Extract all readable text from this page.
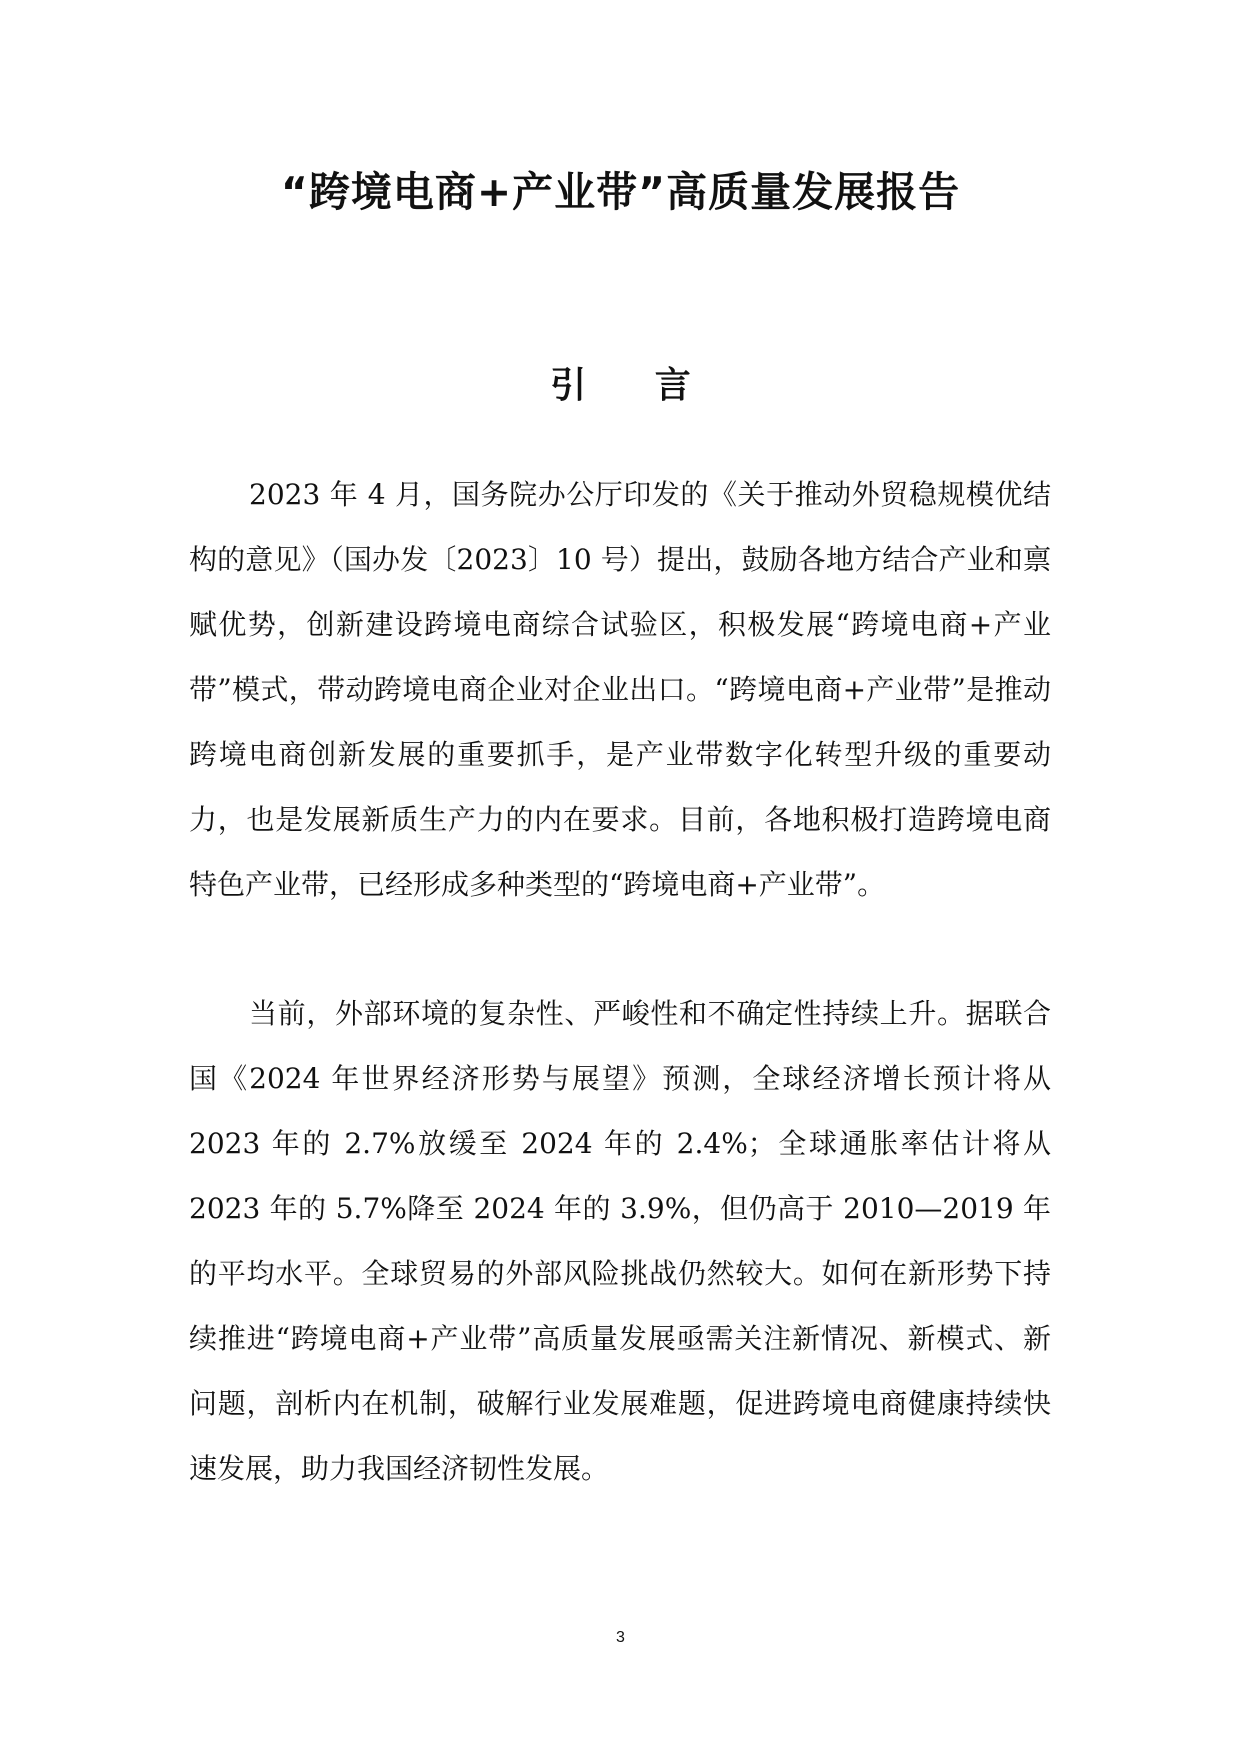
“跨境电商+产业带”高质量发展报告
引 言

2023 年 4 月，国务院办公厅印发的《关于推动外贸稳规模优结构的意见》（国办发〔2023〕10 号）提出，鼓励各地方结合产业和禀赋优势，创新建设跨境电商综合试验区，积极发展“跨境电商+产业带”模式，带动跨境电商企业对企业出口。“跨境电商+产业带”是推动跨境电商创新发展的重要抓手，是产业带数字化转型升级的重要动力，也是发展新质生产力的内在要求。目前，各地积极打造跨境电商特色产业带，已经形成多种类型的“跨境电商+产业带”。

当前，外部环境的复杂性、严峻性和不确定性持续上升。据联合国《2024 年世界经济形势与展望》预测，全球经济增长预计将从 2023 年的 2.7%放缓至 2024 年的 2.4%；全球通胀率估计将从 2023 年的 5.7%降至 2024 年的 3.9%，但仍高于 2010—2019 年的平均水平。全球贸易的外部风险挑战仍然较大。如何在新形势下持续推进“跨境电商+产业带”高质量发展亟需关注新情况、新模式、新问题，剖析内在机制，破解行业发展难题，促进跨境电商健康持续快速发展，助力我国经济韧性发展。

3
